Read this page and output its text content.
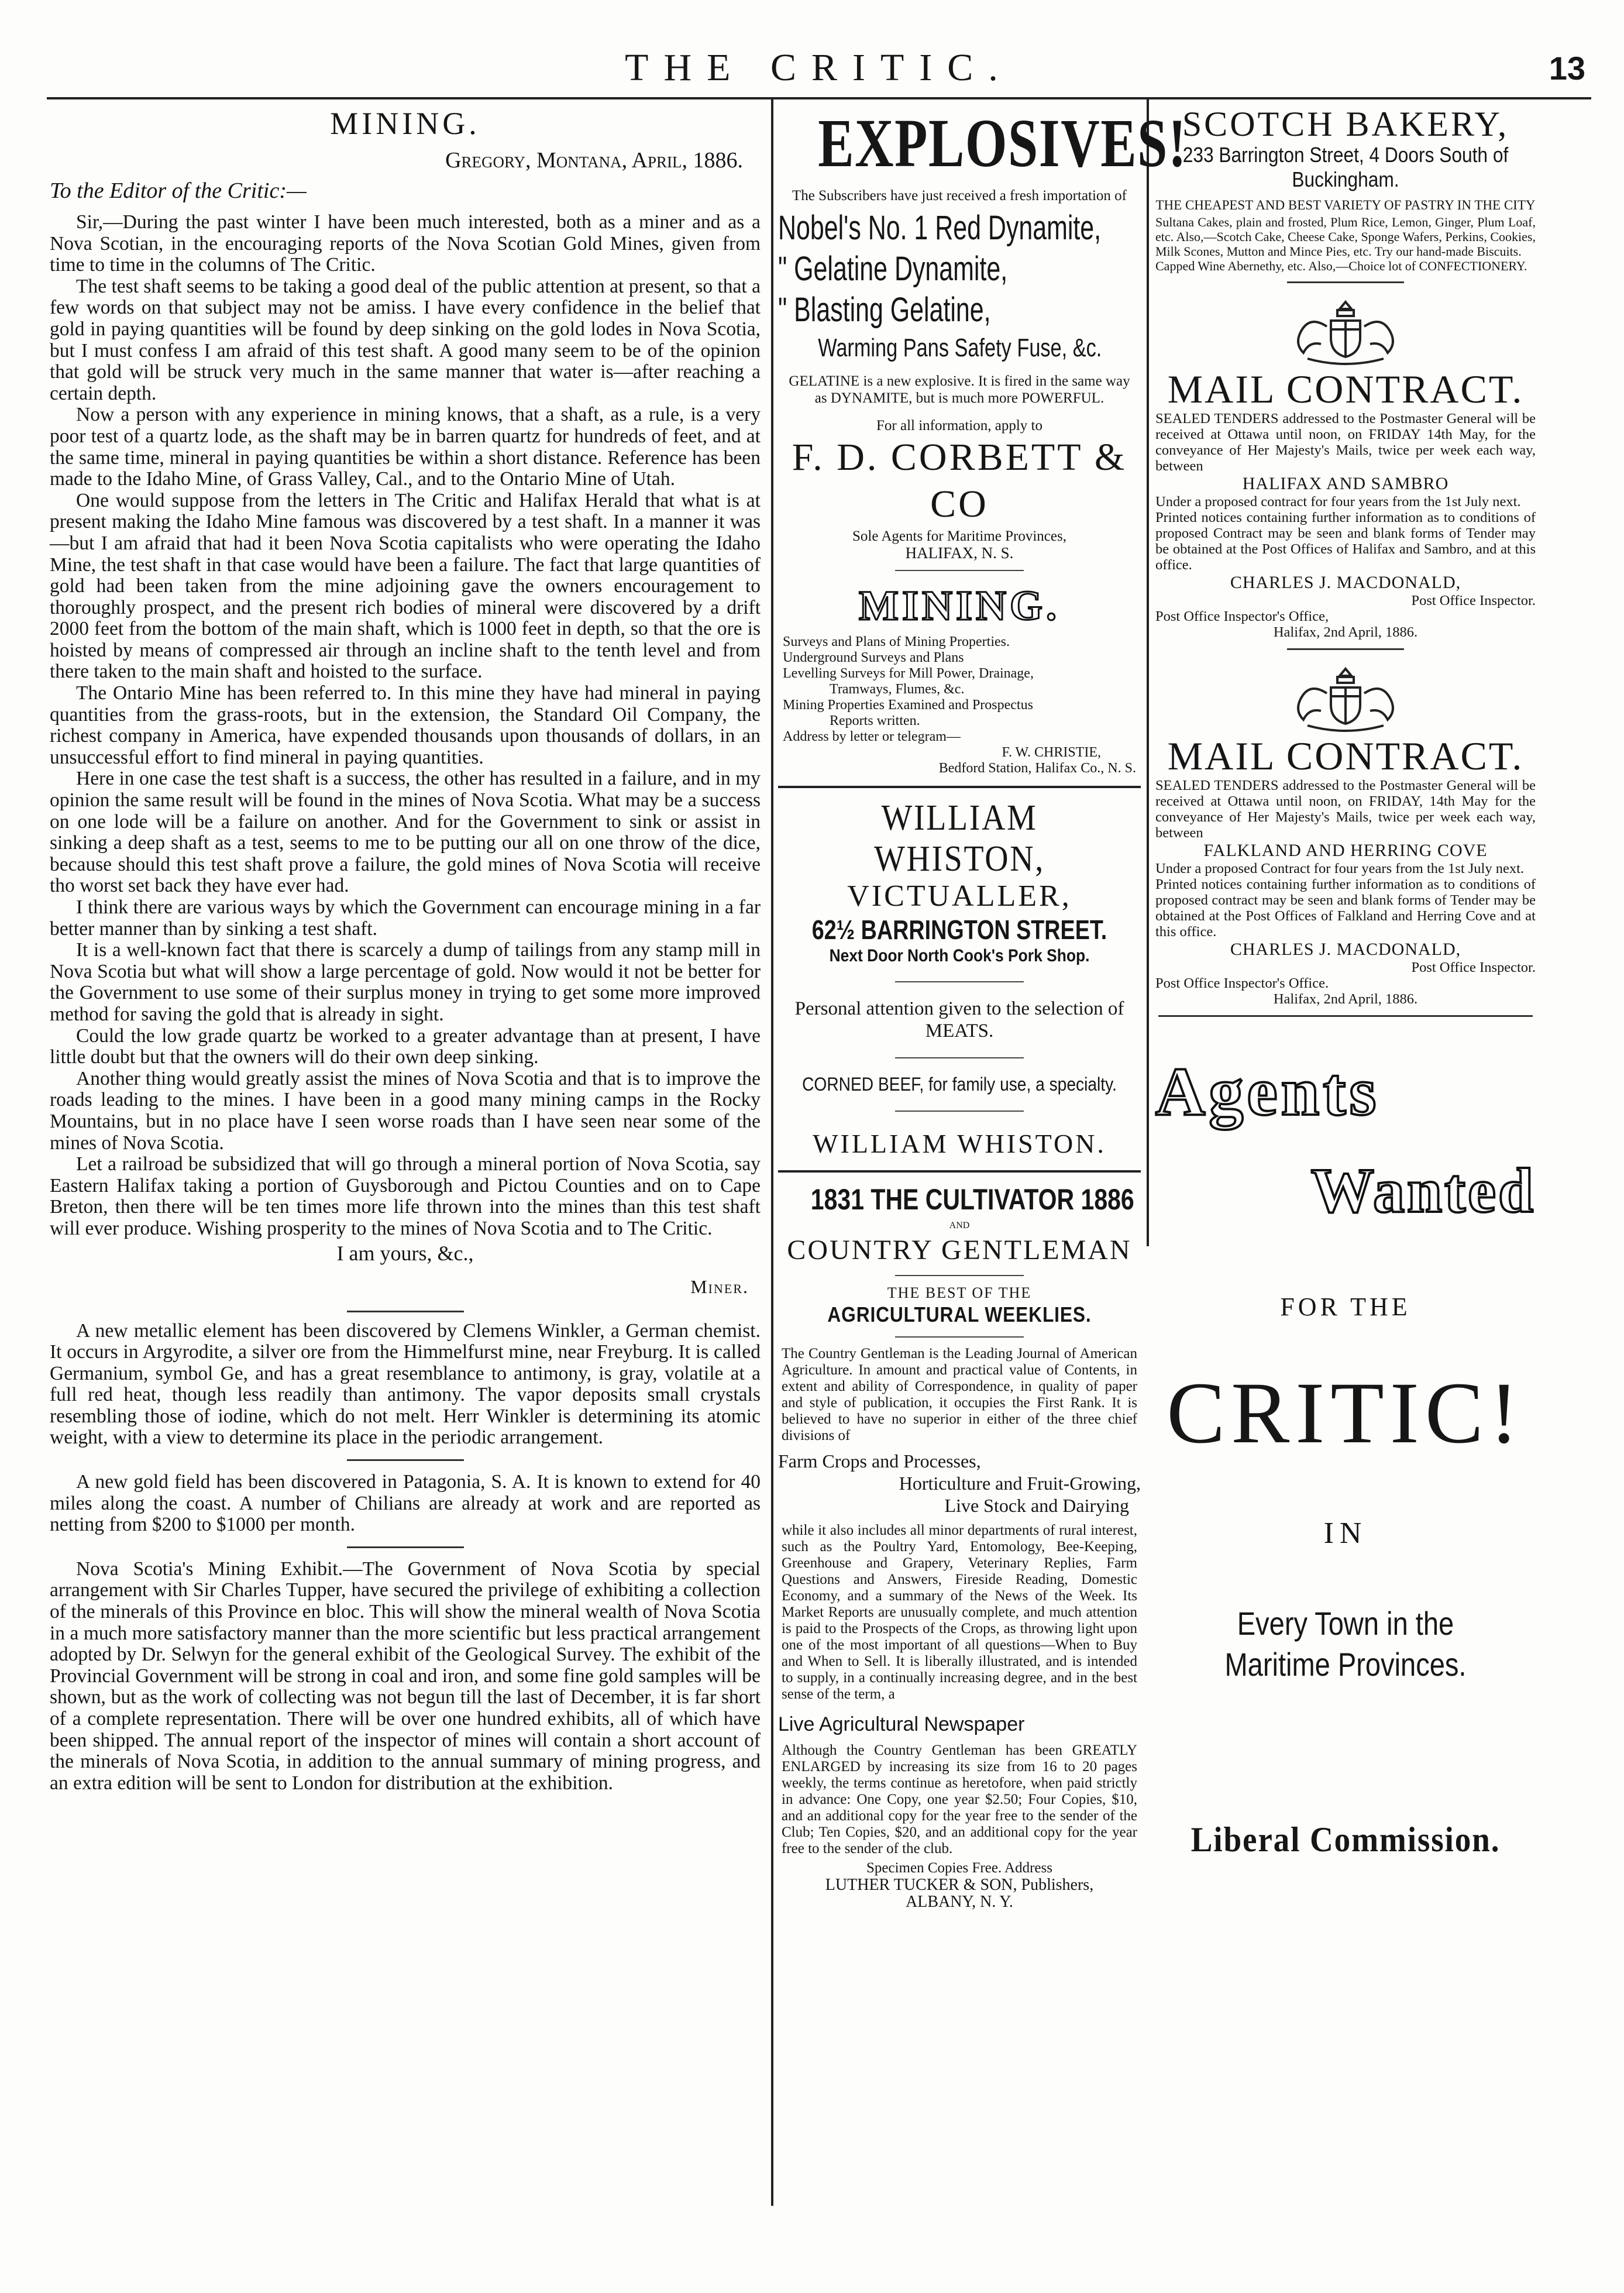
THE CRITIC.	13
MINING.
Gregory, Montana, April, 1886.
To the Editor of the Critic:—

Sir,—During the past winter I have been much interested, both as a miner and as a Nova Scotian, in the encouraging reports of the Nova Scotian Gold Mines, given from time to time in the columns of The Critic.

The test shaft seems to be taking a good deal of the public attention at present, so that a few words on that subject may not be amiss. I have every confidence in the belief that gold in paying quantities will be found by deep sinking on the gold lodes in Nova Scotia, but I must confess I am afraid of this test shaft. A good many seem to be of the opinion that gold will be struck very much in the same manner that water is—after reaching a certain depth.

Now a person with any experience in mining knows, that a shaft, as a rule, is a very poor test of a quartz lode, as the shaft may be in barren quartz for hundreds of feet, and at the same time, mineral in paying quantities be within a short distance. Reference has been made to the Idaho Mine, of Grass Valley, Cal., and to the Ontario Mine of Utah.

One would suppose from the letters in The Critic and Halifax Herald that what is at present making the Idaho Mine famous was discovered by a test shaft. In a manner it was—but I am afraid that had it been Nova Scotia capitalists who were operating the Idaho Mine, the test shaft in that case would have been a failure. The fact that large quantities of gold had been taken from the mine adjoining gave the owners encouragement to thoroughly prospect, and the present rich bodies of mineral were discovered by a drift 2000 feet from the bottom of the main shaft, which is 1000 feet in depth, so that the ore is hoisted by means of compressed air through an incline shaft to the tenth level and from there taken to the main shaft and hoisted to the surface.

The Ontario Mine has been referred to. In this mine they have had mineral in paying quantities from the grass-roots, but in the extension, the Standard Oil Company, the richest company in America, have expended thousands upon thousands of dollars, in an unsuccessful effort to find mineral in paying quantities.

Here in one case the test shaft is a success, the other has resulted in a failure, and in my opinion the same result will be found in the mines of Nova Scotia. What may be a success on one lode will be a failure on another. And for the Government to sink or assist in sinking a deep shaft as a test, seems to me to be putting our all on one throw of the dice, because should this test shaft prove a failure, the gold mines of Nova Scotia will receive tho worst set back they have ever had.

I think there are various ways by which the Government can encourage mining in a far better manner than by sinking a test shaft.

It is a well-known fact that there is scarcely a dump of tailings from any stamp mill in Nova Scotia but what will show a large percentage of gold. Now would it not be better for the Government to use some of their surplus money in trying to get some more improved method for saving the gold that is already in sight.

Could the low grade quartz be worked to a greater advantage than at present, I have little doubt but that the owners will do their own deep sinking.

Another thing would greatly assist the mines of Nova Scotia and that is to improve the roads leading to the mines. I have been in a good many mining camps in the Rocky Mountains, but in no place have I seen worse roads than I have seen near some of the mines of Nova Scotia.

Let a railroad be subsidized that will go through a mineral portion of Nova Scotia, say Eastern Halifax taking a portion of Guysborough and Pictou Counties and on to Cape Breton, then there will be ten times more life thrown into the mines than this test shaft will ever produce. Wishing prosperity to the mines of Nova Scotia and to The Critic.

I am yours, &c.,
Miner.

A new metallic element has been discovered by Clemens Winkler, a German chemist. It occurs in Argyrodite, a silver ore from the Himmelfurst mine, near Freyburg. It is called Germanium, symbol Ge, and has a great resemblance to antimony, is gray, volatile at a full red heat, though less readily than antimony. The vapor deposits small crystals resembling those of iodine, which do not melt. Herr Winkler is determining its atomic weight, with a view to determine its place in the periodic arrangement.

A new gold field has been discovered in Patagonia, S. A. It is known to extend for 40 miles along the coast. A number of Chilians are already at work and are reported as netting from $200 to $1000 per month.

Nova Scotia's Mining Exhibit.—The Government of Nova Scotia by special arrangement with Sir Charles Tupper, have secured the privilege of exhibiting a collection of the minerals of this Province en bloc. This will show the mineral wealth of Nova Scotia in a much more satisfactory manner than the more scientific but less practical arrangement adopted by Dr. Selwyn for the general exhibit of the Geological Survey. The exhibit of the Provincial Government will be strong in coal and iron, and some fine gold samples will be shown, but as the work of collecting was not begun till the last of December, it is far short of a complete representation. There will be over one hundred exhibits, all of which have been shipped. The annual report of the inspector of mines will contain a short account of the minerals of Nova Scotia, in addition to the annual summary of mining progress, and an extra edition will be sent to London for distribution at the exhibition.

EXPLOSIVES!
The Subscribers have just received a fresh importation of
Nobel's No. 1 Red Dynamite,
" Gelatine Dynamite,
" Blasting Gelatine,
Warming Pans Safety Fuse, &c.
GELATINE is a new explosive. It is fired in the same way as DYNAMITE, but is much more POWERFUL.
For all information, apply to
F. D. CORBETT & CO
Sole Agents for Maritime Provinces,
HALIFAX, N. S.
MINING.
Surveys and Plans of Mining Properties.
Underground Surveys and Plans
Levelling Surveys for Mill Power, Drainage,
Tramways, Flumes, &c.
Mining Properties Examined and Prospectus
Reports written.
Address by letter or telegram—
F. W. CHRISTIE,
Bedford Station, Halifax Co., N. S.
WILLIAM WHISTON,
VICTUALLER,
62½ BARRINGTON STREET.
Next Door North Cook's Pork Shop.
Personal attention given to the selection of MEATS.
CORNED BEEF, for family use, a specialty.
WILLIAM WHISTON.
1831 THE CULTIVATOR 1886
AND
COUNTRY GENTLEMAN
THE BEST OF THE
AGRICULTURAL WEEKLIES.
The Country Gentleman is the Leading Journal of American Agriculture. In amount and practical value of Contents, in extent and ability of Correspondence, in quality of paper and style of publication, it occupies the First Rank. It is believed to have no superior in either of the three chief divisions of
Farm Crops and Processes,
Horticulture and Fruit-Growing,
Live Stock and Dairying
while it also includes all minor departments of rural interest, such as the Poultry Yard, Entomology, Bee-Keeping, Greenhouse and Grapery, Veterinary Replies, Farm Questions and Answers, Fireside Reading, Domestic Economy, and a summary of the News of the Week. Its Market Reports are unusually complete, and much attention is paid to the Prospects of the Crops, as throwing light upon one of the most important of all questions—When to Buy and When to Sell. It is liberally illustrated, and is intended to supply, in a continually increasing degree, and in the best sense of the term, a
Live Agricultural Newspaper
Although the Country Gentleman has been GREATLY ENLARGED by increasing its size from 16 to 20 pages weekly, the terms continue as heretofore, when paid strictly in advance: One Copy, one year $2.50; Four Copies, $10, and an additional copy for the year free to the sender of the Club; Ten Copies, $20, and an additional copy for the year free to the sender of the club.
Specimen Copies Free. Address
LUTHER TUCKER & SON, Publishers,
ALBANY, N. Y.
SCOTCH BAKERY,
233 Barrington Street, 4 Doors South of Buckingham.
THE CHEAPEST AND BEST VARIETY OF PASTRY IN THE CITY
Sultana Cakes, plain and frosted, Plum Rice, Lemon, Ginger, Plum Loaf, etc. Also,—Scotch Cake, Cheese Cake, Sponge Wafers, Perkins, Cookies, Milk Scones, Mutton and Mince Pies, etc. Try our hand-made Biscuits.
Capped Wine Abernethy, etc. Also,—Choice lot of CONFECTIONERY.
MAIL CONTRACT.
SEALED TENDERS addressed to the Postmaster General will be received at Ottawa until noon, on FRIDAY 14th May, for the conveyance of Her Majesty's Mails, twice per week each way, between
HALIFAX AND SAMBRO
Under a proposed contract for four years from the 1st July next.
Printed notices containing further information as to conditions of proposed Contract may be seen and blank forms of Tender may be obtained at the Post Offices of Halifax and Sambro, and at this office.
CHARLES J. MACDONALD,
Post Office Inspector.
Post Office Inspector's Office,
Halifax, 2nd April, 1886.
MAIL CONTRACT.
SEALED TENDERS addressed to the Postmaster General will be received at Ottawa until noon, on FRIDAY, 14th May for the conveyance of Her Majesty's Mails, twice per week each way, between
FALKLAND AND HERRING COVE
Under a proposed Contract for four years from the 1st July next.
Printed notices containing further information as to conditions of proposed contract may be seen and blank forms of Tender may be obtained at the Post Offices of Falkland and Herring Cove and at this office.
CHARLES J. MACDONALD,
Post Office Inspector.
Post Office Inspector's Office.
Halifax, 2nd April, 1886.
Agents
Wanted
FOR THE
CRITIC!
IN
Every Town in the Maritime Provinces.
Liberal Commission.
